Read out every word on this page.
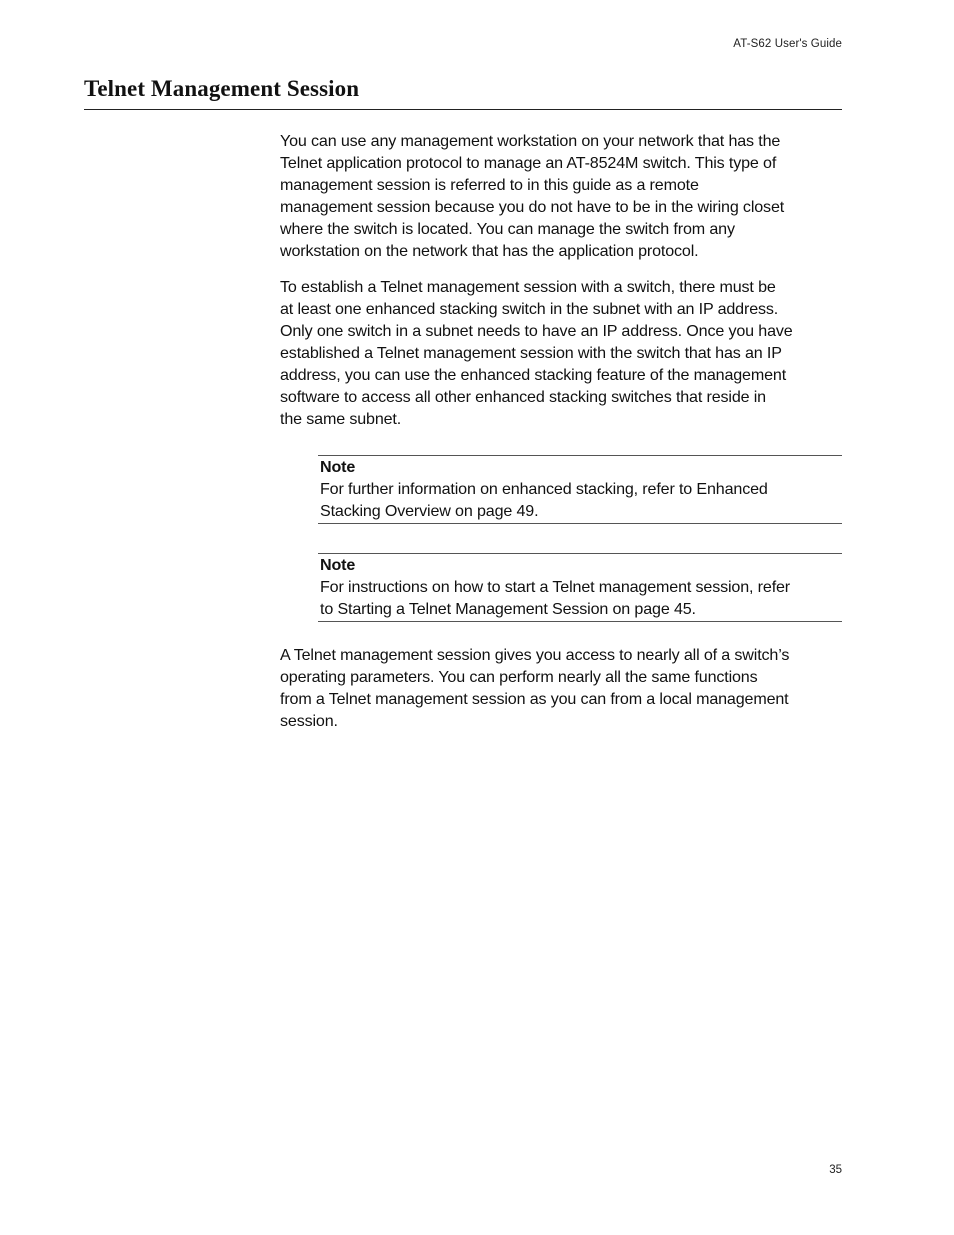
AT-S62 User's Guide
Telnet Management Session

You can use any management workstation on your network that has the
Telnet application protocol to manage an AT-8524M switch. This type of
management session is referred to in this guide as a remote
management session because you do not have to be in the wiring closet
where the switch is located. You can manage the switch from any
workstation on the network that has the application protocol.

To establish a Telnet management session with a switch, there must be
at least one enhanced stacking switch in the subnet with an IP address.
Only one switch in a subnet needs to have an IP address. Once you have
established a Telnet management session with the switch that has an IP
address, you can use the enhanced stacking feature of the management
software to access all other enhanced stacking switches that reside in
the same subnet.

Note
For further information on enhanced stacking, refer to Enhanced
Stacking Overview on page 49.
Note
For instructions on how to start a Telnet management session, refer
to Starting a Telnet Management Session on page 45.

A Telnet management session gives you access to nearly all of a switch’s
operating parameters. You can perform nearly all the same functions
from a Telnet management session as you can from a local management
session.

35
